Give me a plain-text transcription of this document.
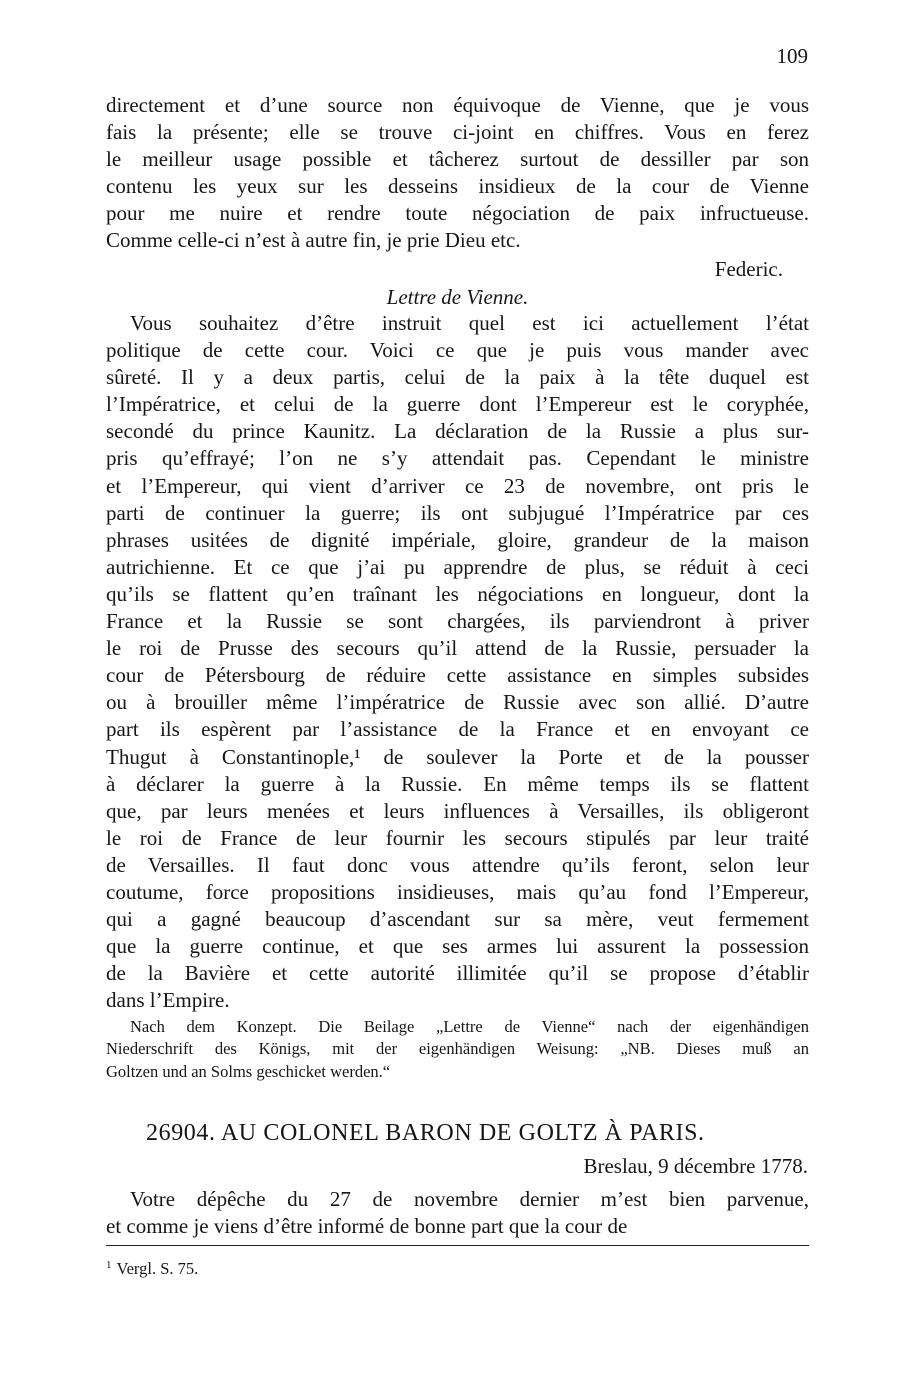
109
directement et d’une source non équivoque de Vienne, que je vous
fais la présente; elle se trouve ci-joint en chiffres. Vous en ferez
le meilleur usage possible et tâcherez surtout de dessiller par son
contenu les yeux sur les desseins insidieux de la cour de Vienne
pour me nuire et rendre toute négociation de paix infructueuse.
Comme celle-ci n’est à autre fin, je prie Dieu etc.
Federic.
Lettre de Vienne.
Vous souhaitez d’être instruit quel est ici actuellement l’état
politique de cette cour. Voici ce que je puis vous mander avec
sûreté. Il y a deux partis, celui de la paix à la tête duquel est
l’Impératrice, et celui de la guerre dont l’Empereur est le coryphée,
secondé du prince Kaunitz. La déclaration de la Russie a plus sur-
pris qu’effrayé; l’on ne s’y attendait pas. Cependant le ministre
et l’Empereur, qui vient d’arriver ce 23 de novembre, ont pris le
parti de continuer la guerre; ils ont subjugué l’Impératrice par ces
phrases usitées de dignité impériale, gloire, grandeur de la maison
autrichienne. Et ce que j’ai pu apprendre de plus, se réduit à ceci
qu’ils se flattent qu’en traînant les négociations en longueur, dont la
France et la Russie se sont chargées, ils parviendront à priver
le roi de Prusse des secours qu’il attend de la Russie, persuader la
cour de Pétersbourg de réduire cette assistance en simples subsides
ou à brouiller même l’impératrice de Russie avec son allié. D’autre
part ils espèrent par l’assistance de la France et en envoyant ce
Thugut à Constantinople,¹ de soulever la Porte et de la pousser
à déclarer la guerre à la Russie. En même temps ils se flattent
que, par leurs menées et leurs influences à Versailles, ils obligeront
le roi de France de leur fournir les secours stipulés par leur traité
de Versailles. Il faut donc vous attendre qu’ils feront, selon leur
coutume, force propositions insidieuses, mais qu’au fond l’Empereur,
qui a gagné beaucoup d’ascendant sur sa mère, veut fermement
que la guerre continue, et que ses armes lui assurent la possession
de la Bavière et cette autorité illimitée qu’il se propose d’établir
dans l’Empire.
Nach dem Konzept. Die Beilage „Lettre de Vienne“ nach der eigenhändigen
Niederschrift des Königs, mit der eigenhändigen Weisung: „NB. Dieses muß an
Goltzen und an Solms geschicket werden.“
26904. AU COLONEL BARON DE GOLTZ À PARIS.
Breslau, 9 décembre 1778.
Votre dépêche du 27 de novembre dernier m’est bien parvenue,
et comme je viens d’être informé de bonne part que la cour de
$^1$ Vergl. S. 75.
